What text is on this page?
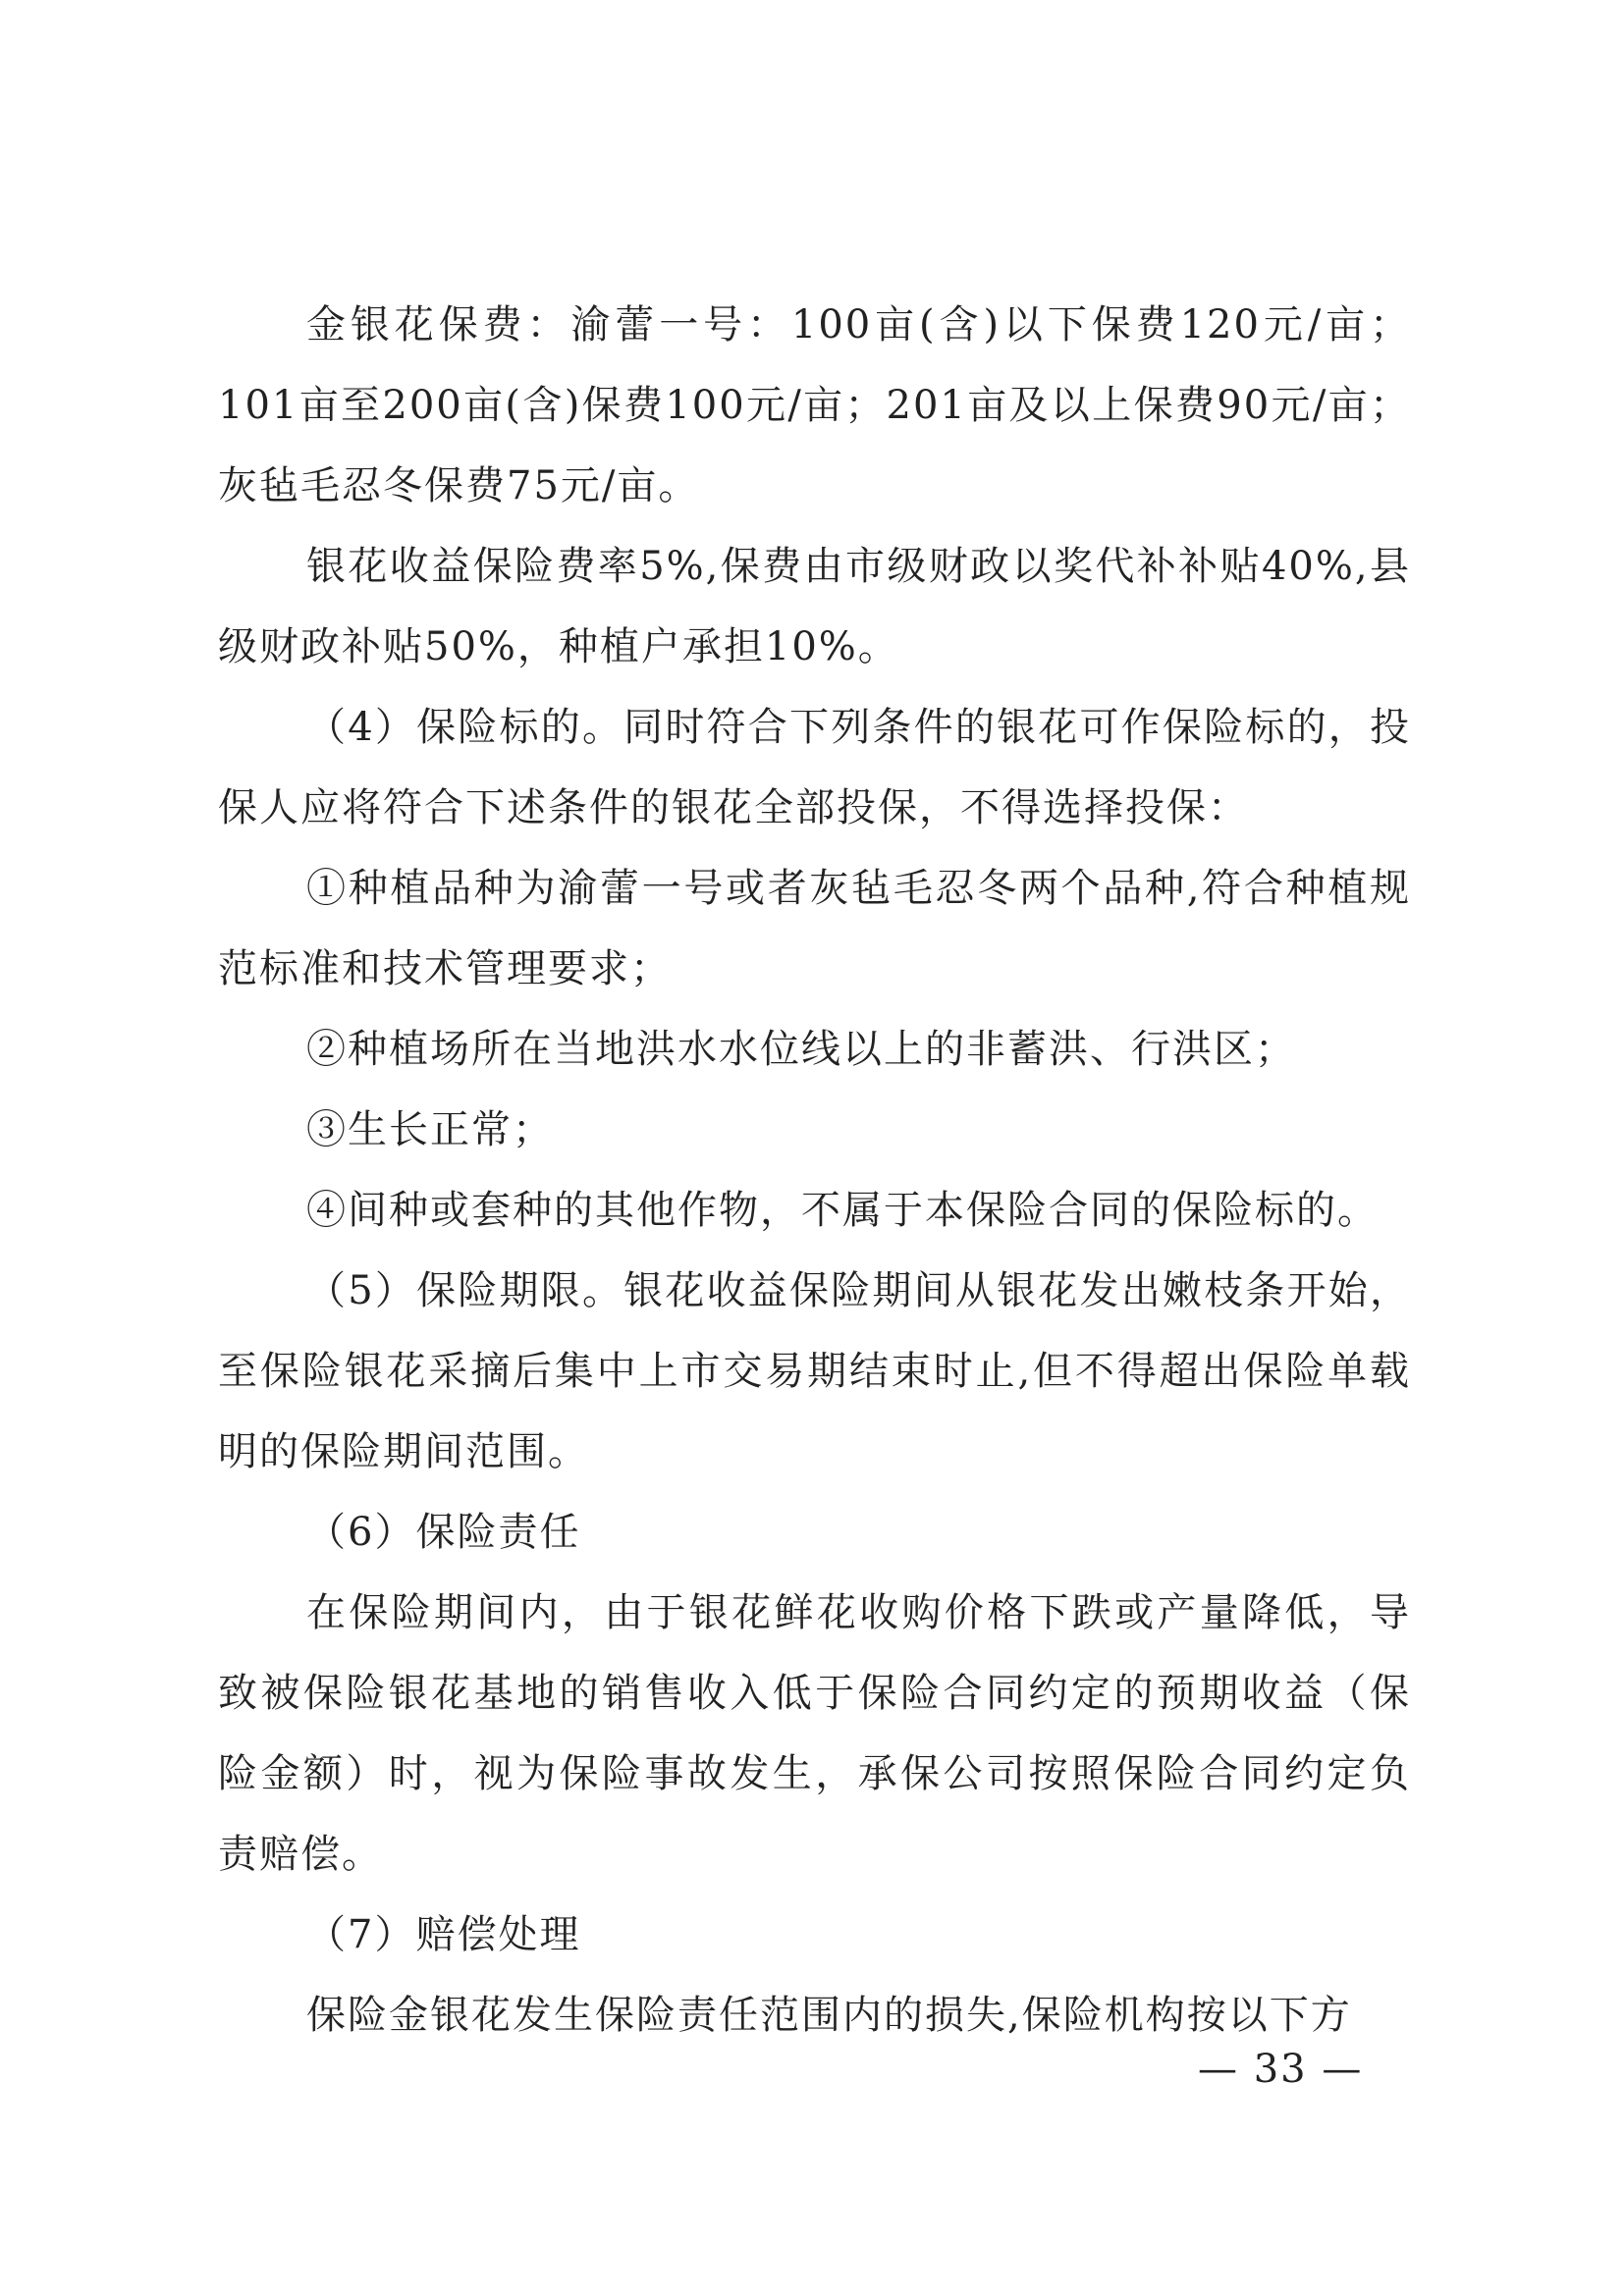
金银花保费：渝蕾一号：100亩(含)以下保费120元/亩；101亩至200亩(含)保费100元/亩；201亩及以上保费90元/亩；灰毡毛忍冬保费75元/亩。

银花收益保险费率5%,保费由市级财政以奖代补补贴40%,县级财政补贴50%，种植户承担10%。

（4）保险标的。同时符合下列条件的银花可作保险标的，投保人应将符合下述条件的银花全部投保，不得选择投保：

①种植品种为渝蕾一号或者灰毡毛忍冬两个品种,符合种植规范标准和技术管理要求；

②种植场所在当地洪水水位线以上的非蓄洪、行洪区；

③生长正常；

④间种或套种的其他作物，不属于本保险合同的保险标的。

（5）保险期限。银花收益保险期间从银花发出嫩枝条开始，至保险银花采摘后集中上市交易期结束时止,但不得超出保险单载明的保险期间范围。

（6）保险责任

在保险期间内，由于银花鲜花收购价格下跌或产量降低，导致被保险银花基地的销售收入低于保险合同约定的预期收益（保险金额）时，视为保险事故发生，承保公司按照保险合同约定负责赔偿。

（7）赔偿处理

保险金银花发生保险责任范围内的损失,保险机构按以下方

— 33 —
